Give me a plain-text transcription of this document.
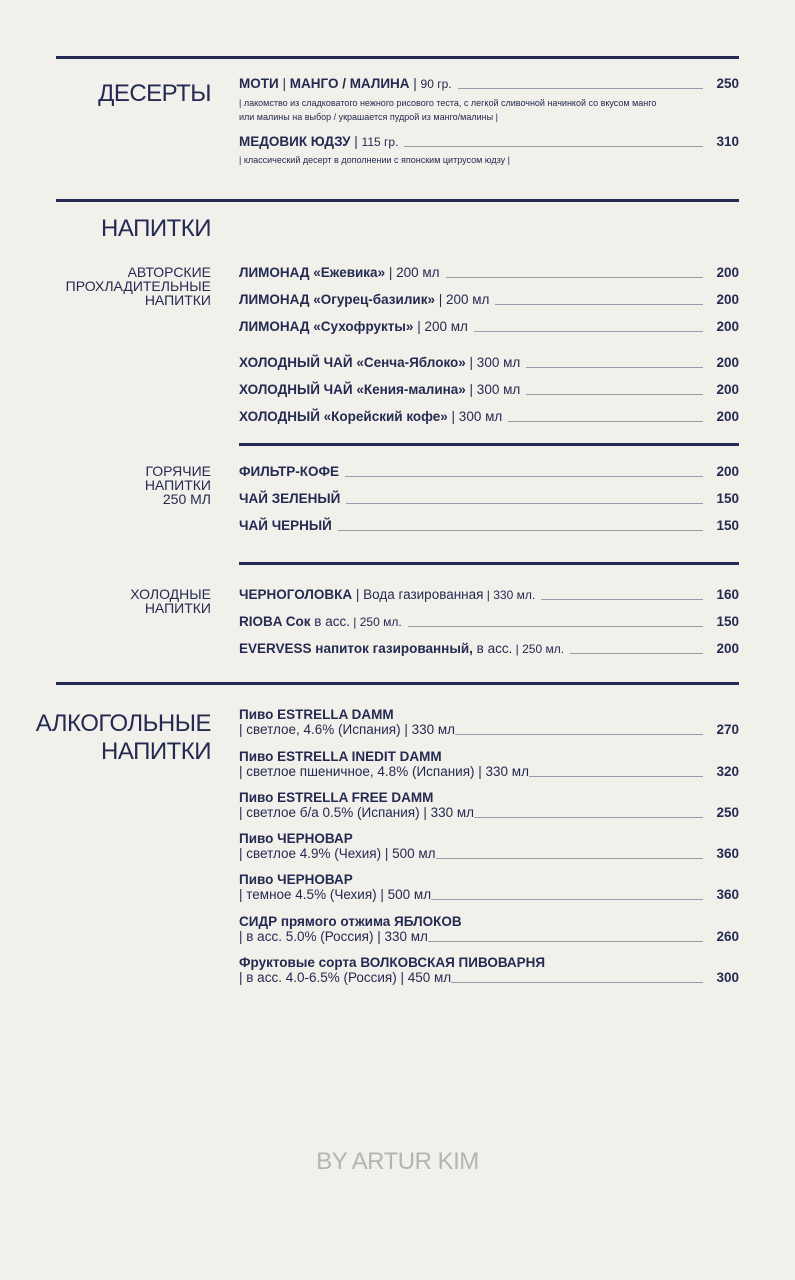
ДЕСЕРТЫ МОТИ | МАНГО / МАЛИНА | 90 гр.	250
| лакомство из сладковатого нежного рисового теста, с легкой сливочной начинкой со вкусом манго
или малины на выбор / украшается пудрой из манго/малины |
МЕДОВИК ЮДЗУ | 115 гр.	310
| классический десерт в дополнении с японским цитрусом юдзу |
НАПИТКИ
АВТОРСКИЕ
ПРОХЛАДИТЕЛЬНЫЕ
НАПИТКИ
ЛИМОНАД «Ежевика» | 200 мл	200
ЛИМОНАД «Огурец-базилик» | 200 мл	200
ЛИМОНАД «Сухофрукты» | 200 мл	200
ХОЛОДНЫЙ ЧАЙ «Сенча-Яблоко» | 300 мл	200
ХОЛОДНЫЙ ЧАЙ «Кения-малина» | 300 мл	200
ХОЛОДНЫЙ «Корейский кофе» | 300 мл	200
ГОРЯЧИЕ
НАПИТКИ
250 МЛ
ФИЛЬТР-КОФЕ	200
ЧАЙ ЗЕЛЕНЫЙ	150
ЧАЙ ЧЕРНЫЙ	150
ХОЛОДНЫЕ
НАПИТКИ
ЧЕРНОГОЛОВКА | Вода газированная | 330 мл.	160
RIOBA Сок в асс. | 250 мл.	150
EVERVESS напиток газированный, в асс. | 250 мл.	200
АЛКОГОЛЬНЫЕ
НАПИТКИ
Пиво ESTRELLA DAMM
| светлое, 4.6% (Испания) | 330 мл	270
Пиво ESTRELLA INEDIT DAMM
| светлое пшеничное, 4.8% (Испания) | 330 мл	320
Пиво ESTRELLA FREE DAMM
| светлое б/а 0.5% (Испания) | 330 мл	250
Пиво ЧЕРНОВАР
| светлое 4.9% (Чехия) | 500 мл	360
Пиво ЧЕРНОВАР
| темное 4.5% (Чехия) | 500 мл	360
СИДР прямого отжима ЯБЛОКОВ
| в асс. 5.0% (Россия) | 330 мл	260
Фруктовые сорта ВОЛКОВСКАЯ ПИВОВАРНЯ
| в асс. 4.0-6.5% (Россия) | 450 мл	300
BY ARTUR KIM
